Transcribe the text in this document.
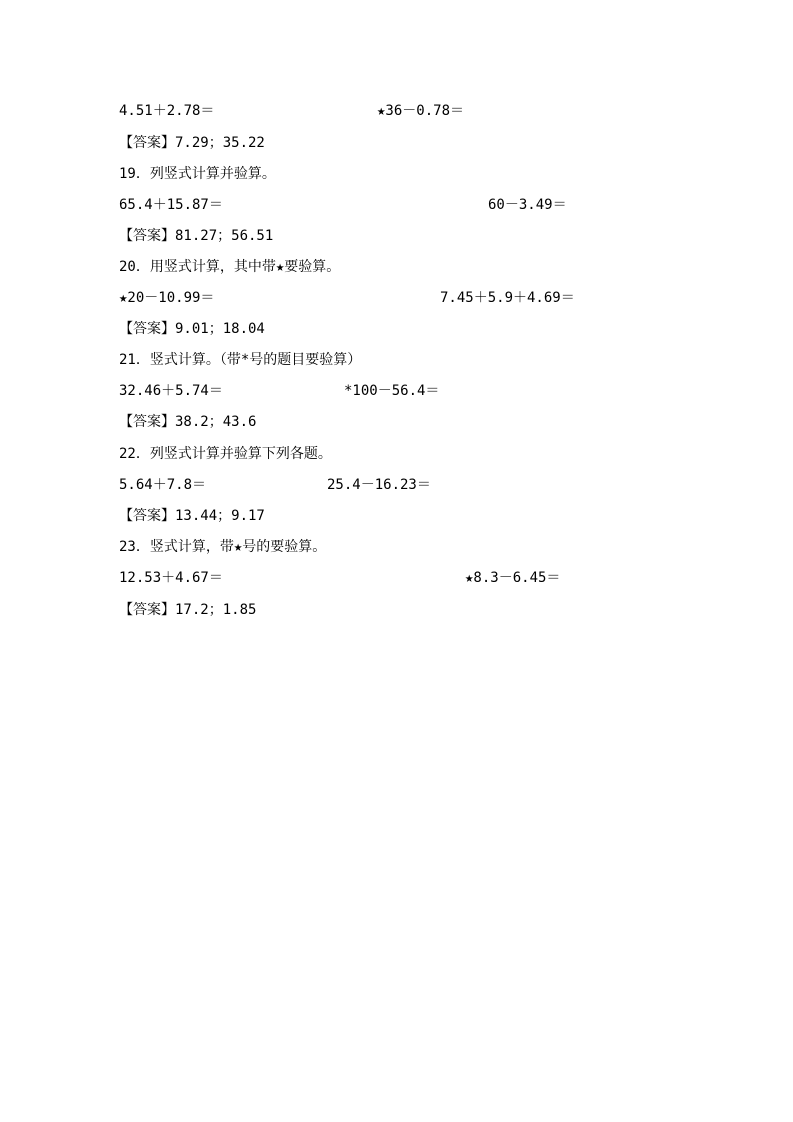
4.51＋2.78＝	★36－0.78＝

【答案】7.29；35.22

19．列竖式计算并验算。

65.4＋15.87＝	60－3.49＝

【答案】81.27；56.51

20．用竖式计算，其中带★要验算。

★20－10.99＝	7.45＋5.9＋4.69＝

【答案】9.01；18.04

21．竖式计算。（带*号的题目要验算）

32.46＋5.74＝	*100－56.4＝

【答案】38.2；43.6

22．列竖式计算并验算下列各题。

5.64＋7.8＝	25.4－16.23＝

【答案】13.44；9.17

23．竖式计算，带★号的要验算。

12.53＋4.67＝	★8.3－6.45＝

【答案】17.2；1.85
